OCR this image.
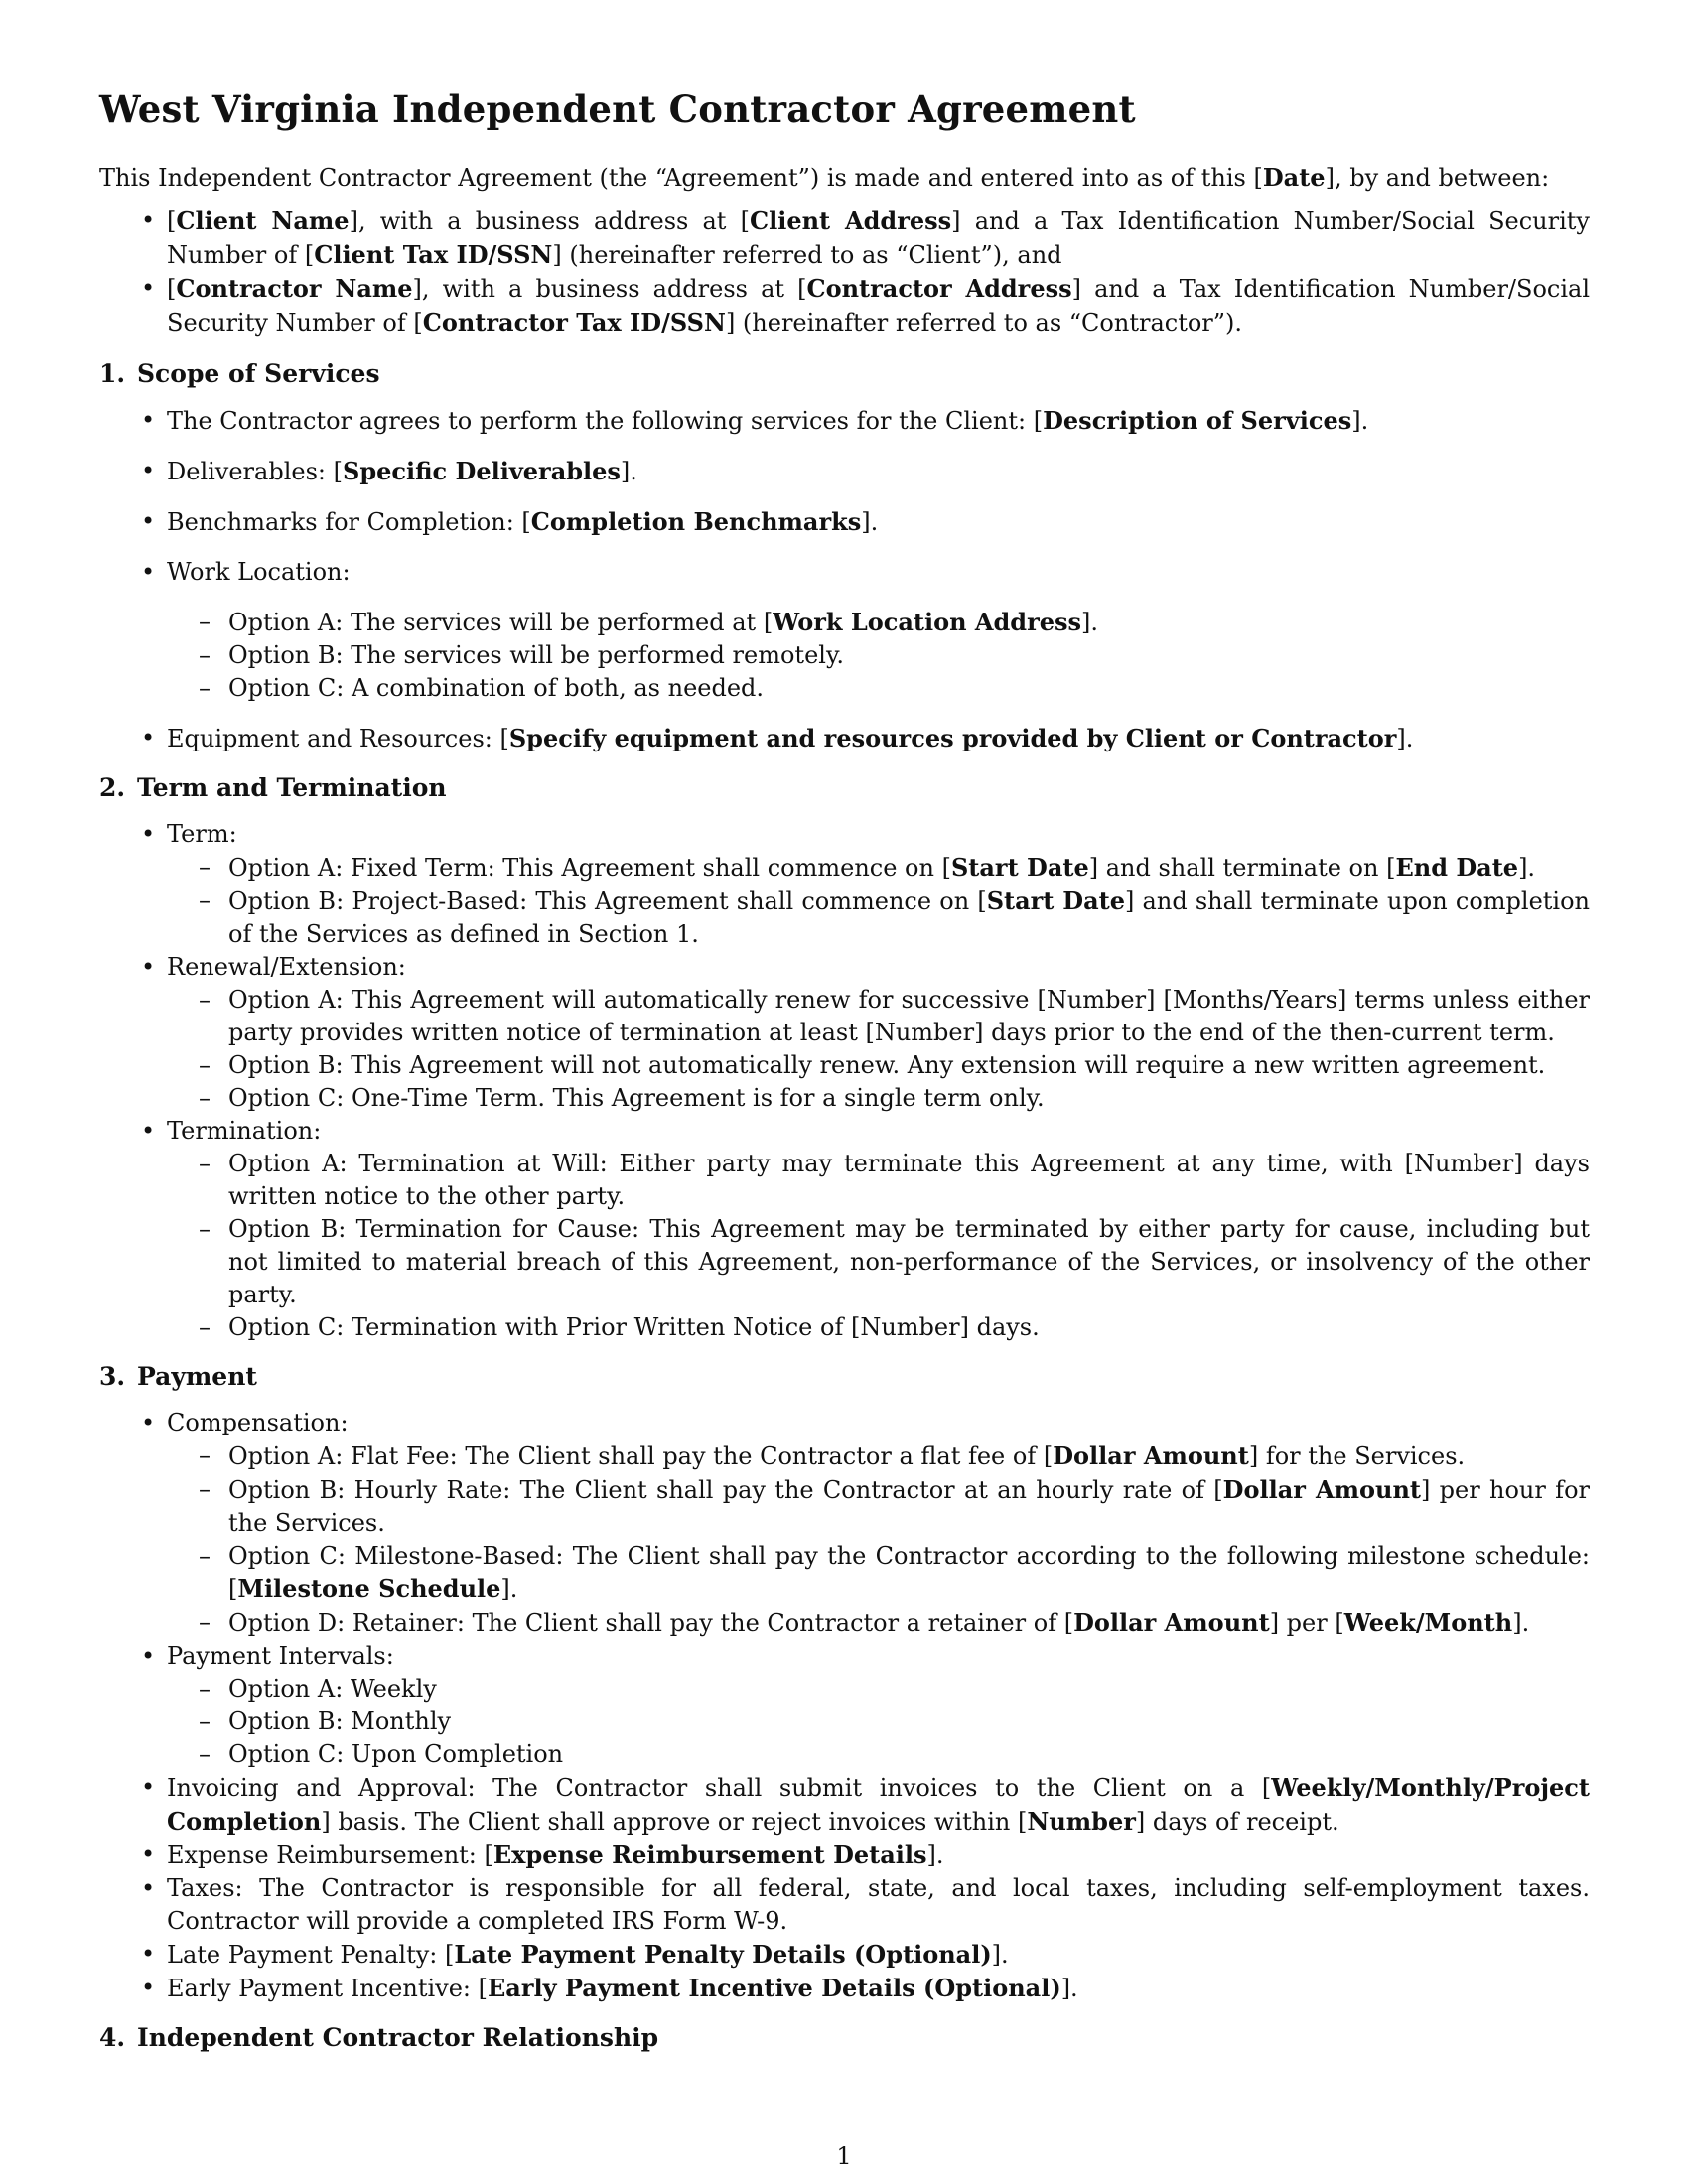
West Virginia Independent Contractor Agreement
This Independent Contractor Agreement (the “Agreement”) is made and entered into as of this [Date], by and between:
• [Client Name], with a business address at [Client Address] and a Tax Identification Number/Social Security Number of [Client Tax ID/SSN] (hereinafter referred to as “Client”), and
• [Contractor Name], with a business address at [Contractor Address] and a Tax Identification Number/Social Security Number of [Contractor Tax ID/SSN] (hereinafter referred to as “Contractor”).
1. Scope of Services
• The Contractor agrees to perform the following services for the Client: [Description of Services].
• Deliverables: [Specific Deliverables].
• Benchmarks for Completion: [Completion Benchmarks].
• Work Location:
– Option A: The services will be performed at [Work Location Address].
– Option B: The services will be performed remotely.
– Option C: A combination of both, as needed.
• Equipment and Resources: [Specify equipment and resources provided by Client or Contractor].
2. Term and Termination
• Term:
– Option A: Fixed Term: This Agreement shall commence on [Start Date] and shall terminate on [End Date].
– Option B: Project-Based: This Agreement shall commence on [Start Date] and shall terminate upon completion of the Services as defined in Section 1.
• Renewal/Extension:
– Option A: This Agreement will automatically renew for successive [Number] [Months/Years] terms unless either party provides written notice of termination at least [Number] days prior to the end of the then-current term.
– Option B: This Agreement will not automatically renew. Any extension will require a new written agreement.
– Option C: One-Time Term. This Agreement is for a single term only.
• Termination:
– Option A: Termination at Will: Either party may terminate this Agreement at any time, with [Number] days written notice to the other party.
– Option B: Termination for Cause: This Agreement may be terminated by either party for cause, including but not limited to material breach of this Agreement, non-performance of the Services, or insolvency of the other party.
– Option C: Termination with Prior Written Notice of [Number] days.
3. Payment
• Compensation:
– Option A: Flat Fee: The Client shall pay the Contractor a flat fee of [Dollar Amount] for the Services.
– Option B: Hourly Rate: The Client shall pay the Contractor at an hourly rate of [Dollar Amount] per hour for the Services.
– Option C: Milestone-Based: The Client shall pay the Contractor according to the following milestone schedule: [Milestone Schedule].
– Option D: Retainer: The Client shall pay the Contractor a retainer of [Dollar Amount] per [Week/Month].
• Payment Intervals:
– Option A: Weekly
– Option B: Monthly
– Option C: Upon Completion
• Invoicing and Approval: The Contractor shall submit invoices to the Client on a [Weekly/Monthly/Project Completion] basis. The Client shall approve or reject invoices within [Number] days of receipt.
• Expense Reimbursement: [Expense Reimbursement Details].
• Taxes: The Contractor is responsible for all federal, state, and local taxes, including self-employment taxes. Contractor will provide a completed IRS Form W-9.
• Late Payment Penalty: [Late Payment Penalty Details (Optional)].
• Early Payment Incentive: [Early Payment Incentive Details (Optional)].
4. Independent Contractor Relationship
1
